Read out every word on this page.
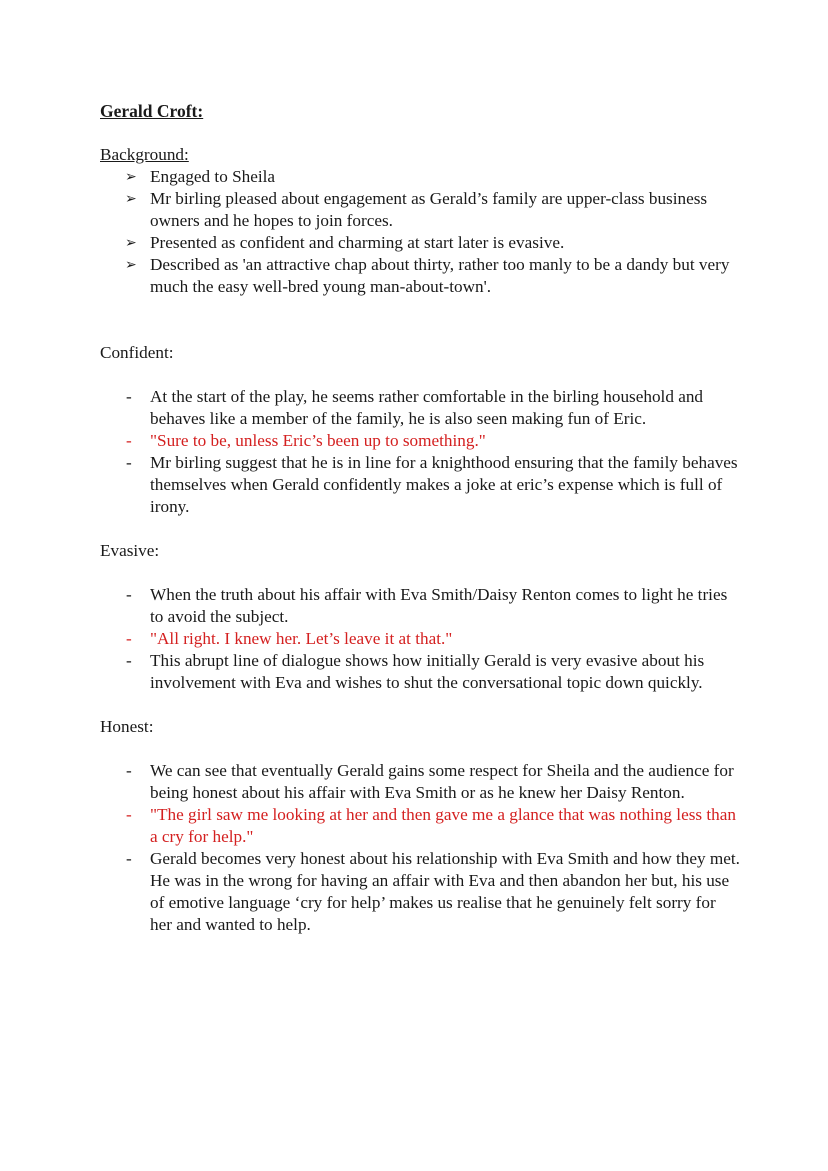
Gerald Croft:

Background:

➢ Engaged to Sheila
➢ Mr birling pleased about engagement as Gerald’s family are upper-class business owners and he hopes to join forces.
➢ Presented as confident and charming at start later is evasive.
➢ Described as 'an attractive chap about thirty, rather too manly to be a dandy but very much the easy well-bred young man-about-town'.

Confident:

- At the start of the play, he seems rather comfortable in the birling household and behaves like a member of the family, he is also seen making fun of Eric.
- "Sure to be, unless Eric’s been up to something."
- Mr birling suggest that he is in line for a knighthood ensuring that the family behaves themselves when Gerald confidently makes a joke at eric’s expense which is full of irony.

Evasive:

- When the truth about his affair with Eva Smith/Daisy Renton comes to light he tries to avoid the subject.
- "All right. I knew her. Let’s leave it at that."
- This abrupt line of dialogue shows how initially Gerald is very evasive about his involvement with Eva and wishes to shut the conversational topic down quickly.

Honest:

- We can see that eventually Gerald gains some respect for Sheila and the audience for being honest about his affair with Eva Smith or as he knew her Daisy Renton.
- "The girl saw me looking at her and then gave me a glance that was nothing less than a cry for help."
- Gerald becomes very honest about his relationship with Eva Smith and how they met. He was in the wrong for having an affair with Eva and then abandon her but, his use of emotive language ‘cry for help’ makes us realise that he genuinely felt sorry for her and wanted to help.
